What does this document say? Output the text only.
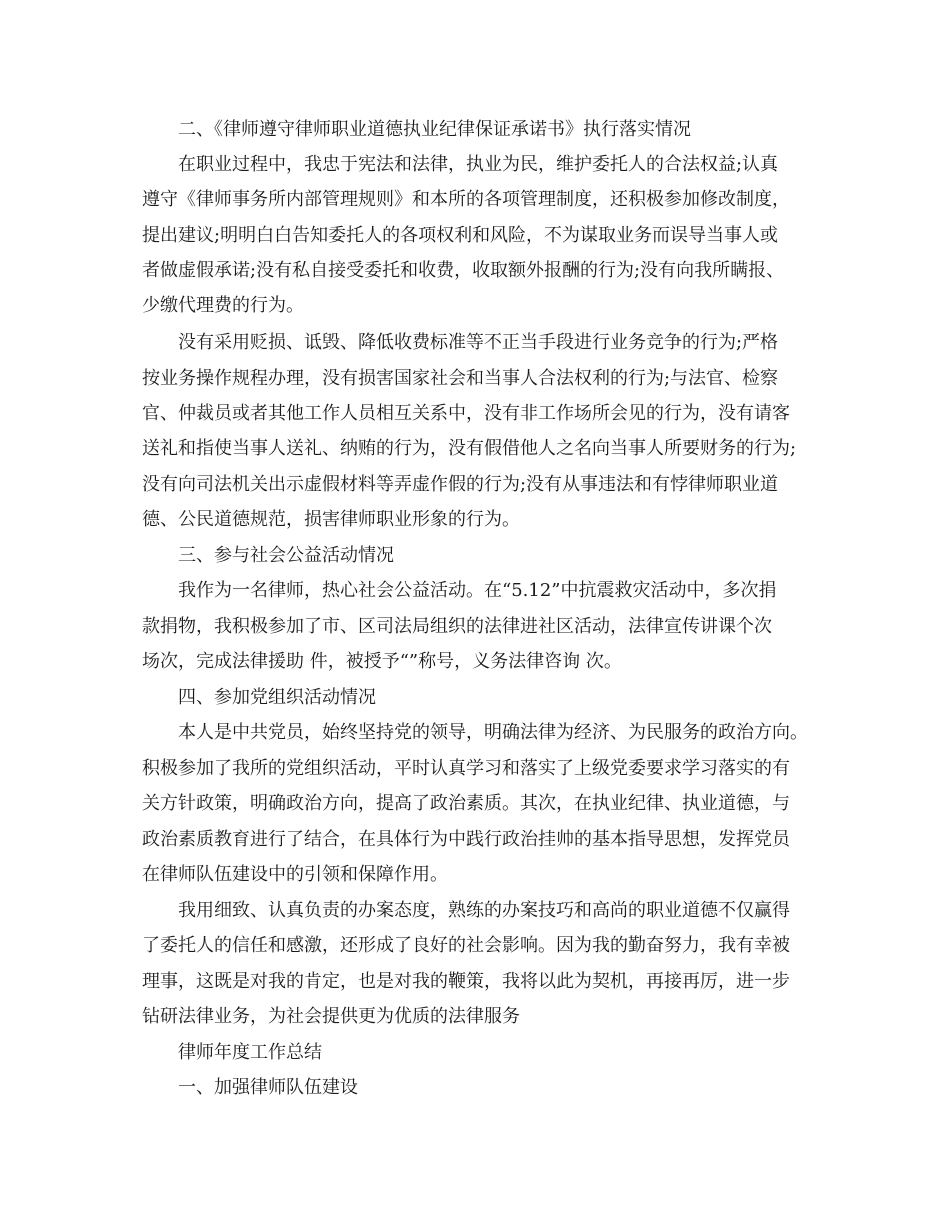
二、《律师遵守律师职业道德执业纪律保证承诺书》执行落实情况
在职业过程中，我忠于宪法和法律，执业为民，维护委托人的合法权益;认真
遵守《律师事务所内部管理规则》和本所的各项管理制度，还积极参加修改制度，
提出建议;明明白白告知委托人的各项权利和风险，不为谋取业务而误导当事人或
者做虚假承诺;没有私自接受委托和收费，收取额外报酬的行为;没有向我所瞒报、
少缴代理费的行为。
没有采用贬损、诋毁、降低收费标准等不正当手段进行业务竞争的行为;严格
按业务操作规程办理，没有损害国家社会和当事人合法权利的行为;与法官、检察
官、仲裁员或者其他工作人员相互关系中，没有非工作场所会见的行为，没有请客
送礼和指使当事人送礼、纳贿的行为，没有假借他人之名向当事人所要财务的行为;
没有向司法机关出示虚假材料等弄虚作假的行为;没有从事违法和有悖律师职业道
德、公民道德规范，损害律师职业形象的行为。
三、参与社会公益活动情况
我作为一名律师，热心社会公益活动。在“5.12”中抗震救灾活动中，多次捐
款捐物，我积极参加了市、区司法局组织的法律进社区活动，法律宣传讲课个次
场次，完成法律援助 件，被授予“”称号，义务法律咨询 次。
四、参加党组织活动情况
本人是中共党员，始终坚持党的领导，明确法律为经济、为民服务的政治方向。
积极参加了我所的党组织活动，平时认真学习和落实了上级党委要求学习落实的有
关方针政策，明确政治方向，提高了政治素质。其次，在执业纪律、执业道德，与
政治素质教育进行了结合，在具体行为中践行政治挂帅的基本指导思想，发挥党员
在律师队伍建设中的引领和保障作用。
我用细致、认真负责的办案态度，熟练的办案技巧和高尚的职业道德不仅赢得
了委托人的信任和感激，还形成了良好的社会影响。因为我的勤奋努力，我有幸被
理事，这既是对我的肯定，也是对我的鞭策，我将以此为契机，再接再厉，进一步
钻研法律业务，为社会提供更为优质的法律服务
律师年度工作总结
一、加强律师队伍建设
